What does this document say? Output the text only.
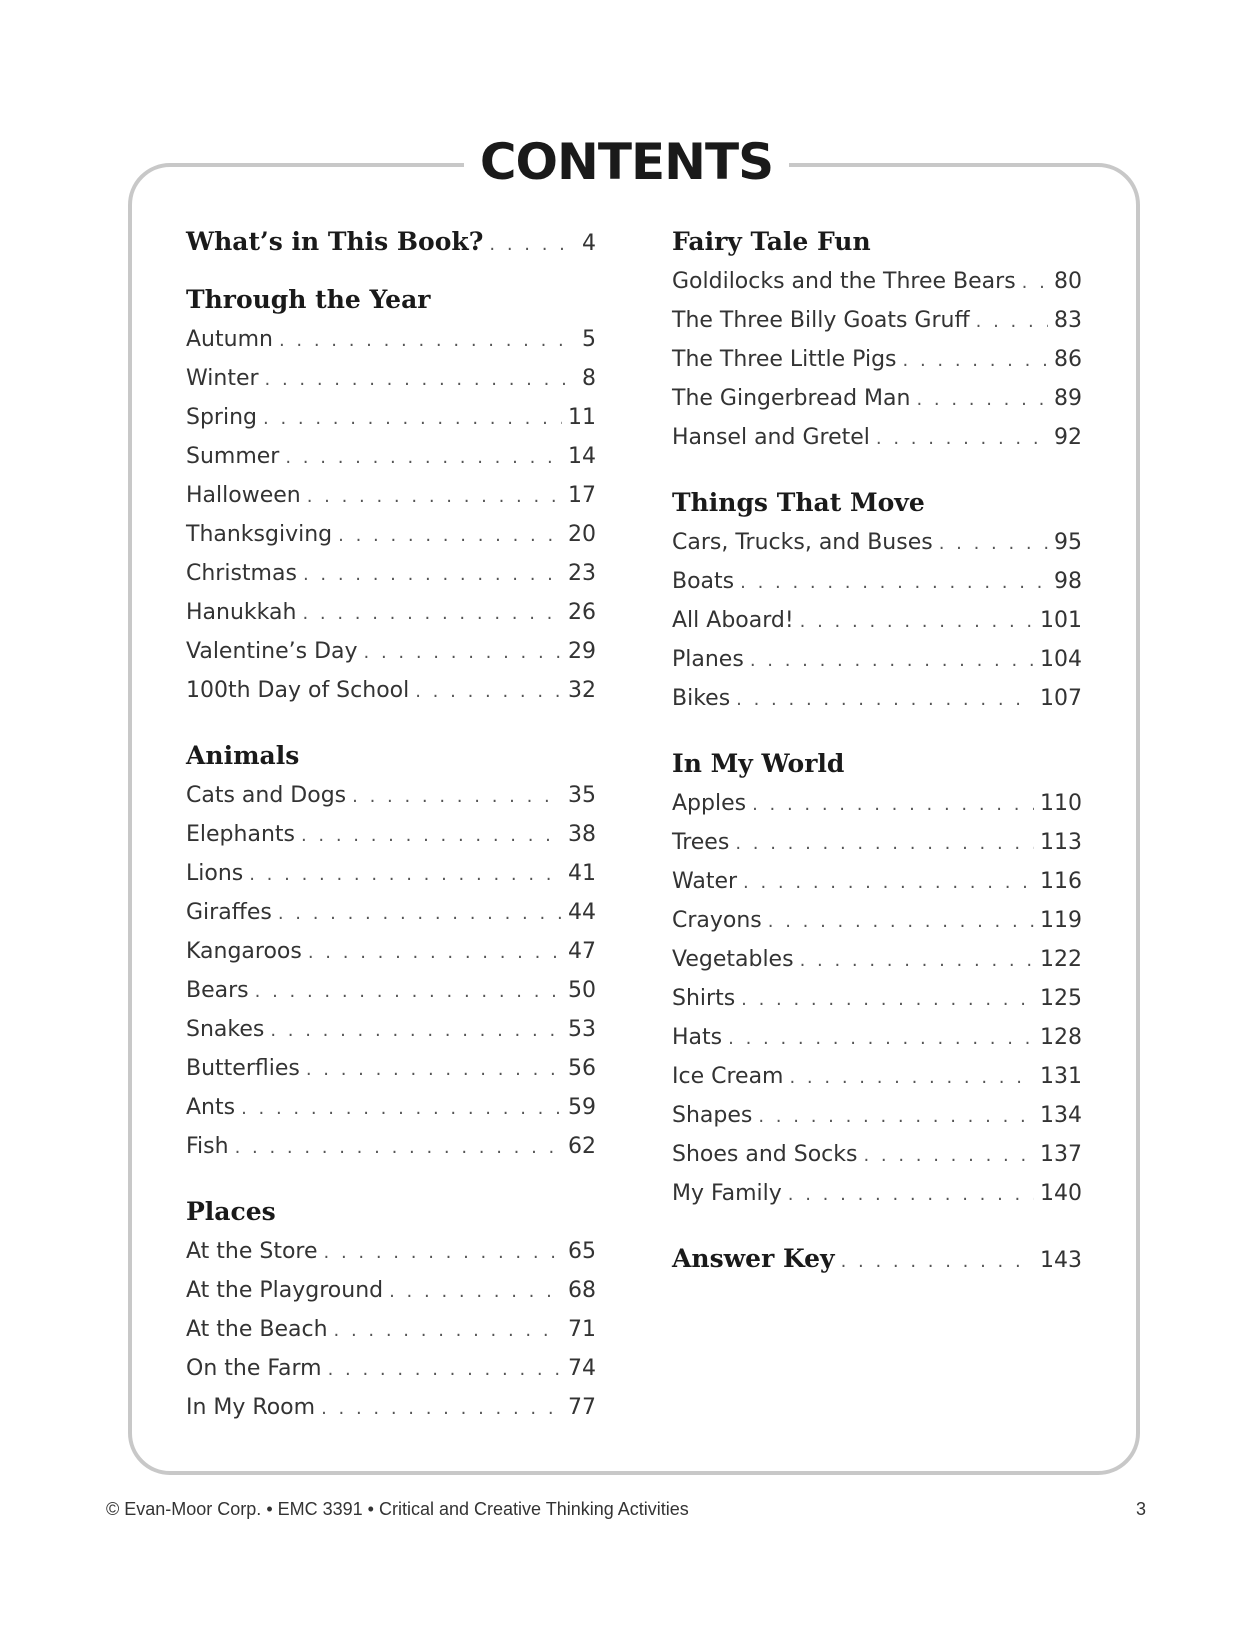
CONTENTS
What’s in This Book? . . .	4
Through the Year
Autumn . . .	5
Winter . . .	8
Spring . . .	11
Summer . . .	14
Halloween . . .	17
Thanksgiving . . .	20
Christmas . . .	23
Hanukkah . . .	26
Valentine’s Day . . .	29
100th Day of School . . .	32
Animals
Cats and Dogs . . .	35
Elephants . . .	38
Lions . . .	41
Giraffes . . .	44
Kangaroos . . .	47
Bears . . .	50
Snakes . . .	53
Butterflies . . .	56
Ants . . .	59
Fish . . .	62
Places
At the Store . . .	65
At the Playground . . .	68
At the Beach . . .	71
On the Farm . . .	74
In My Room . . .	77
Fairy Tale Fun
Goldilocks and the Three Bears . . . 80
The Three Billy Goats Gruff . . .	83
The Three Little Pigs . . .	86
The Gingerbread Man . . .	89
Hansel and Gretel . . .	92
Things That Move
Cars, Trucks, and Buses . . .	95
Boats . . .	98
All Aboard! . . .	101
Planes . . .	104
Bikes . . .	107
In My World
Apples . . .	110
Trees . . .	113
Water . . .	116
Crayons . . .	119
Vegetables . . .	122
Shirts . . .	125
Hats . . .	128
Ice Cream . . .	131
Shapes . . .	134
Shoes and Socks . . .	137
My Family . . .	140
Answer Key . . .	143
© Evan-Moor Corp. • EMC 3391 • Critical and Creative Thinking Activities	3
